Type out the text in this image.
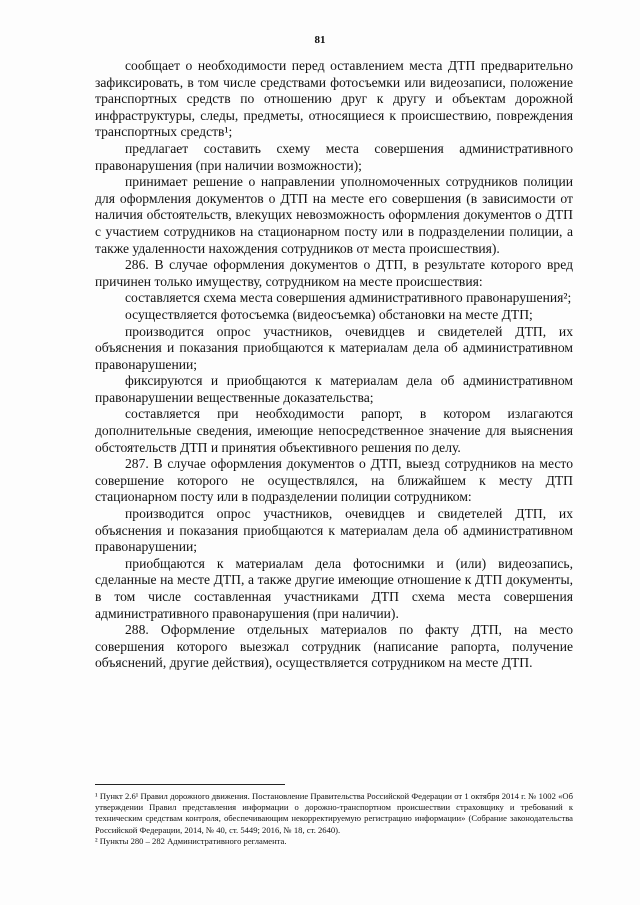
81

сообщает о необходимости перед оставлением места ДТП предварительно зафиксировать, в том числе средствами фотосъемки или видеозаписи, положение транспортных средств по отношению друг к другу и объектам дорожной инфраструктуры, следы, предметы, относящиеся к происшествию, повреждения транспортных средств¹;

предлагает составить схему места совершения административного правонарушения (при наличии возможности);

принимает решение о направлении уполномоченных сотрудников полиции для оформления документов о ДТП на месте его совершения (в зависимости от наличия обстоятельств, влекущих невозможность оформления документов о ДТП с участием сотрудников на стационарном посту или в подразделении полиции, а также удаленности нахождения сотрудников от места происшествия).

286. В случае оформления документов о ДТП, в результате которого вред причинен только имуществу, сотрудником на месте происшествия:

составляется схема места совершения административного правонарушения²;

осуществляется фотосъемка (видеосъемка) обстановки на месте ДТП;

производится опрос участников, очевидцев и свидетелей ДТП, их объяснения и показания приобщаются к материалам дела об административном правонарушении;

фиксируются и приобщаются к материалам дела об административном правонарушении вещественные доказательства;

составляется при необходимости рапорт, в котором излагаются дополнительные сведения, имеющие непосредственное значение для выяснения обстоятельств ДТП и принятия объективного решения по делу.

287. В случае оформления документов о ДТП, выезд сотрудников на место совершение которого не осуществлялся, на ближайшем к месту ДТП стационарном посту или в подразделении полиции сотрудником:

производится опрос участников, очевидцев и свидетелей ДТП, их объяснения и показания приобщаются к материалам дела об административном правонарушении;

приобщаются к материалам дела фотоснимки и (или) видеозапись, сделанные на месте ДТП, а также другие имеющие отношение к ДТП документы, в том числе составленная участниками ДТП схема места совершения административного правонарушения (при наличии).

288. Оформление отдельных материалов по факту ДТП, на место совершения которого выезжал сотрудник (написание рапорта, получение объяснений, другие действия), осуществляется сотрудником на месте ДТП.

¹ Пункт 2.6¹ Правил дорожного движения. Постановление Правительства Российской Федерации от 1 октября 2014 г. № 1002 «Об утверждении Правил представления информации о дорожно-транспортном происшествии страховщику и требований к техническим средствам контроля, обеспечивающим некорректируемую регистрацию информации» (Собрание законодательства Российской Федерации, 2014, № 40, ст. 5449; 2016, № 18, ст. 2640).

² Пункты 280 – 282 Административного регламента.
